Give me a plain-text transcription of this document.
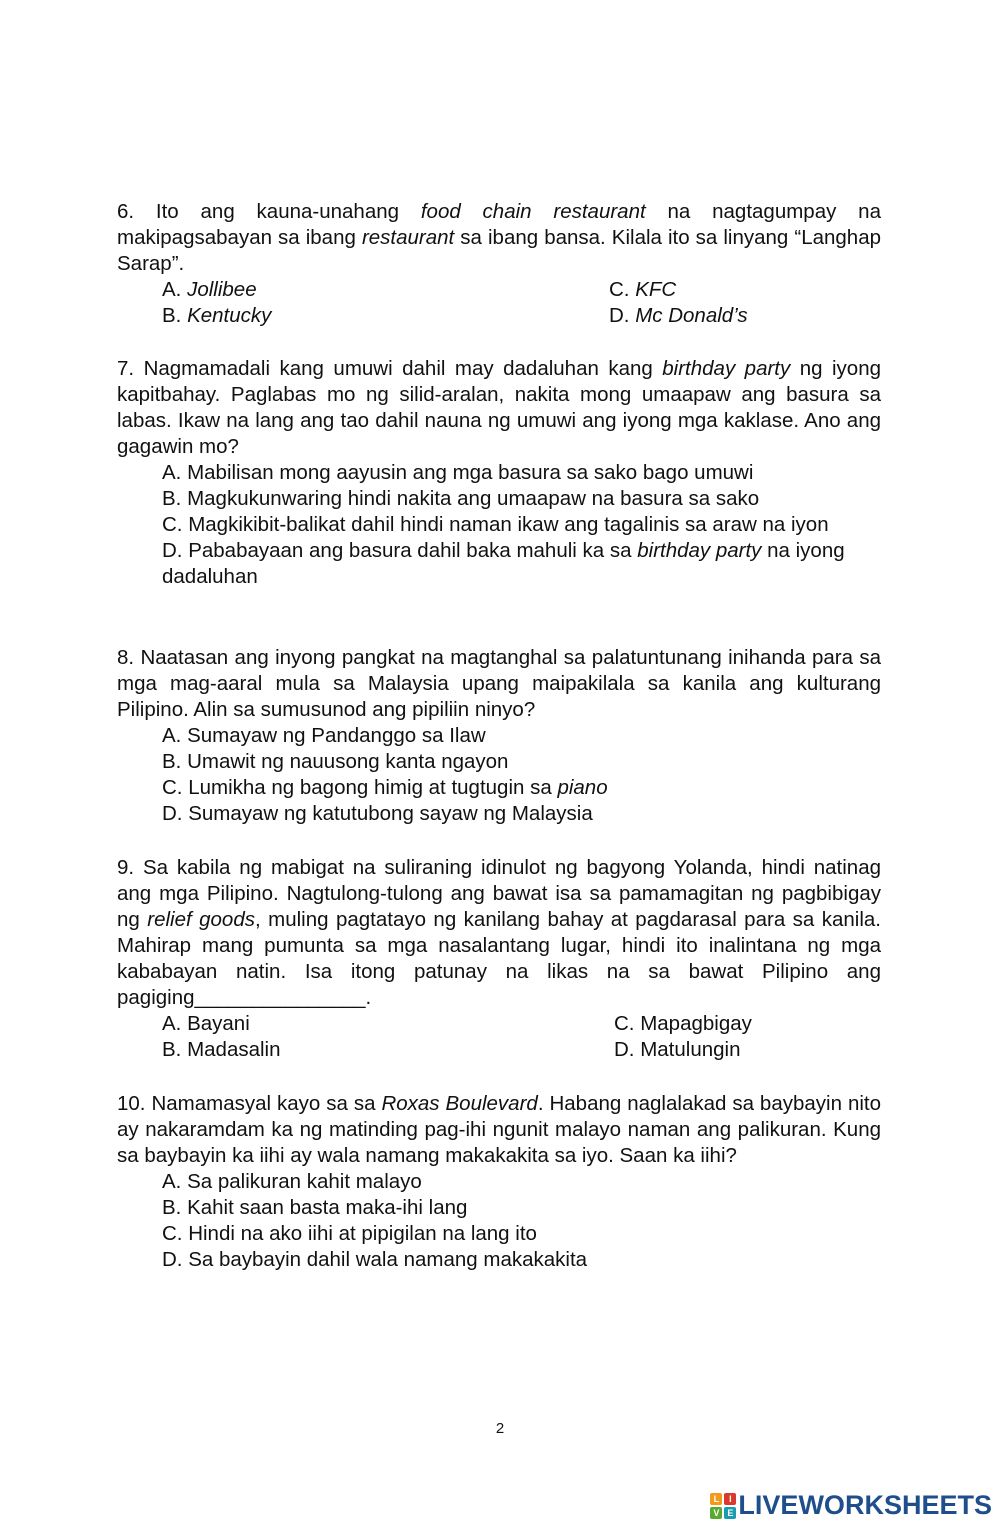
6. Ito ang kauna-unahang food chain restaurant na nagtagumpay na makipagsabayan sa ibang restaurant sa ibang bansa. Kilala ito sa linyang “Langhap Sarap”.
A. Jollibee	C. KFC
B. Kentucky	D. Mc Donald’s
7. Nagmamadali kang umuwi dahil may dadaluhan kang birthday party ng iyong kapitbahay. Paglabas mo ng silid-aralan, nakita mong umaapaw ang basura sa labas. Ikaw na lang ang tao dahil nauna ng umuwi ang iyong mga kaklase. Ano ang gagawin mo?
A. Mabilisan mong aayusin ang mga basura sa sako bago umuwi
B. Magkukunwaring hindi nakita ang umaapaw na basura sa sako
C. Magkikibit-balikat dahil hindi naman ikaw ang tagalinis sa araw na iyon
D. Pababayaan ang basura dahil baka mahuli ka sa birthday party na iyong dadaluhan
8. Naatasan ang inyong pangkat na magtanghal sa palatuntunang inihanda para sa mga mag-aaral mula sa Malaysia upang maipakilala sa kanila ang kulturang Pilipino. Alin sa sumusunod ang pipiliin ninyo?
A. Sumayaw ng Pandanggo sa Ilaw
B. Umawit ng nauusong kanta ngayon
C. Lumikha ng bagong himig at tugtugin sa piano
D. Sumayaw ng katutubong sayaw ng Malaysia
9. Sa kabila ng mabigat na suliraning idinulot ng bagyong Yolanda, hindi natinag ang mga Pilipino. Nagtulong-tulong ang bawat isa sa pamamagitan ng pagbibigay ng relief goods, muling pagtatayo ng kanilang bahay at pagdarasal para sa kanila. Mahirap mang pumunta sa mga nasalantang lugar, hindi ito inalintana ng mga kababayan natin. Isa itong patunay na likas na sa bawat Pilipino ang pagiging_______________.
A. Bayani	C. Mapagbigay
B. Madasalin	D. Matulungin
10. Namamasyal kayo sa sa Roxas Boulevard. Habang naglalakad sa baybayin nito ay nakaramdam ka ng matinding pag-ihi ngunit malayo naman ang palikuran. Kung sa baybayin ka iihi ay wala namang makakakita sa iyo. Saan ka iihi?
A. Sa palikuran kahit malayo
B. Kahit saan basta maka-ihi lang
C. Hindi na ako iihi at pipigilan na lang ito
D. Sa baybayin dahil wala namang makakakita
2
L	I
V E LIVEWORKSHEETS
